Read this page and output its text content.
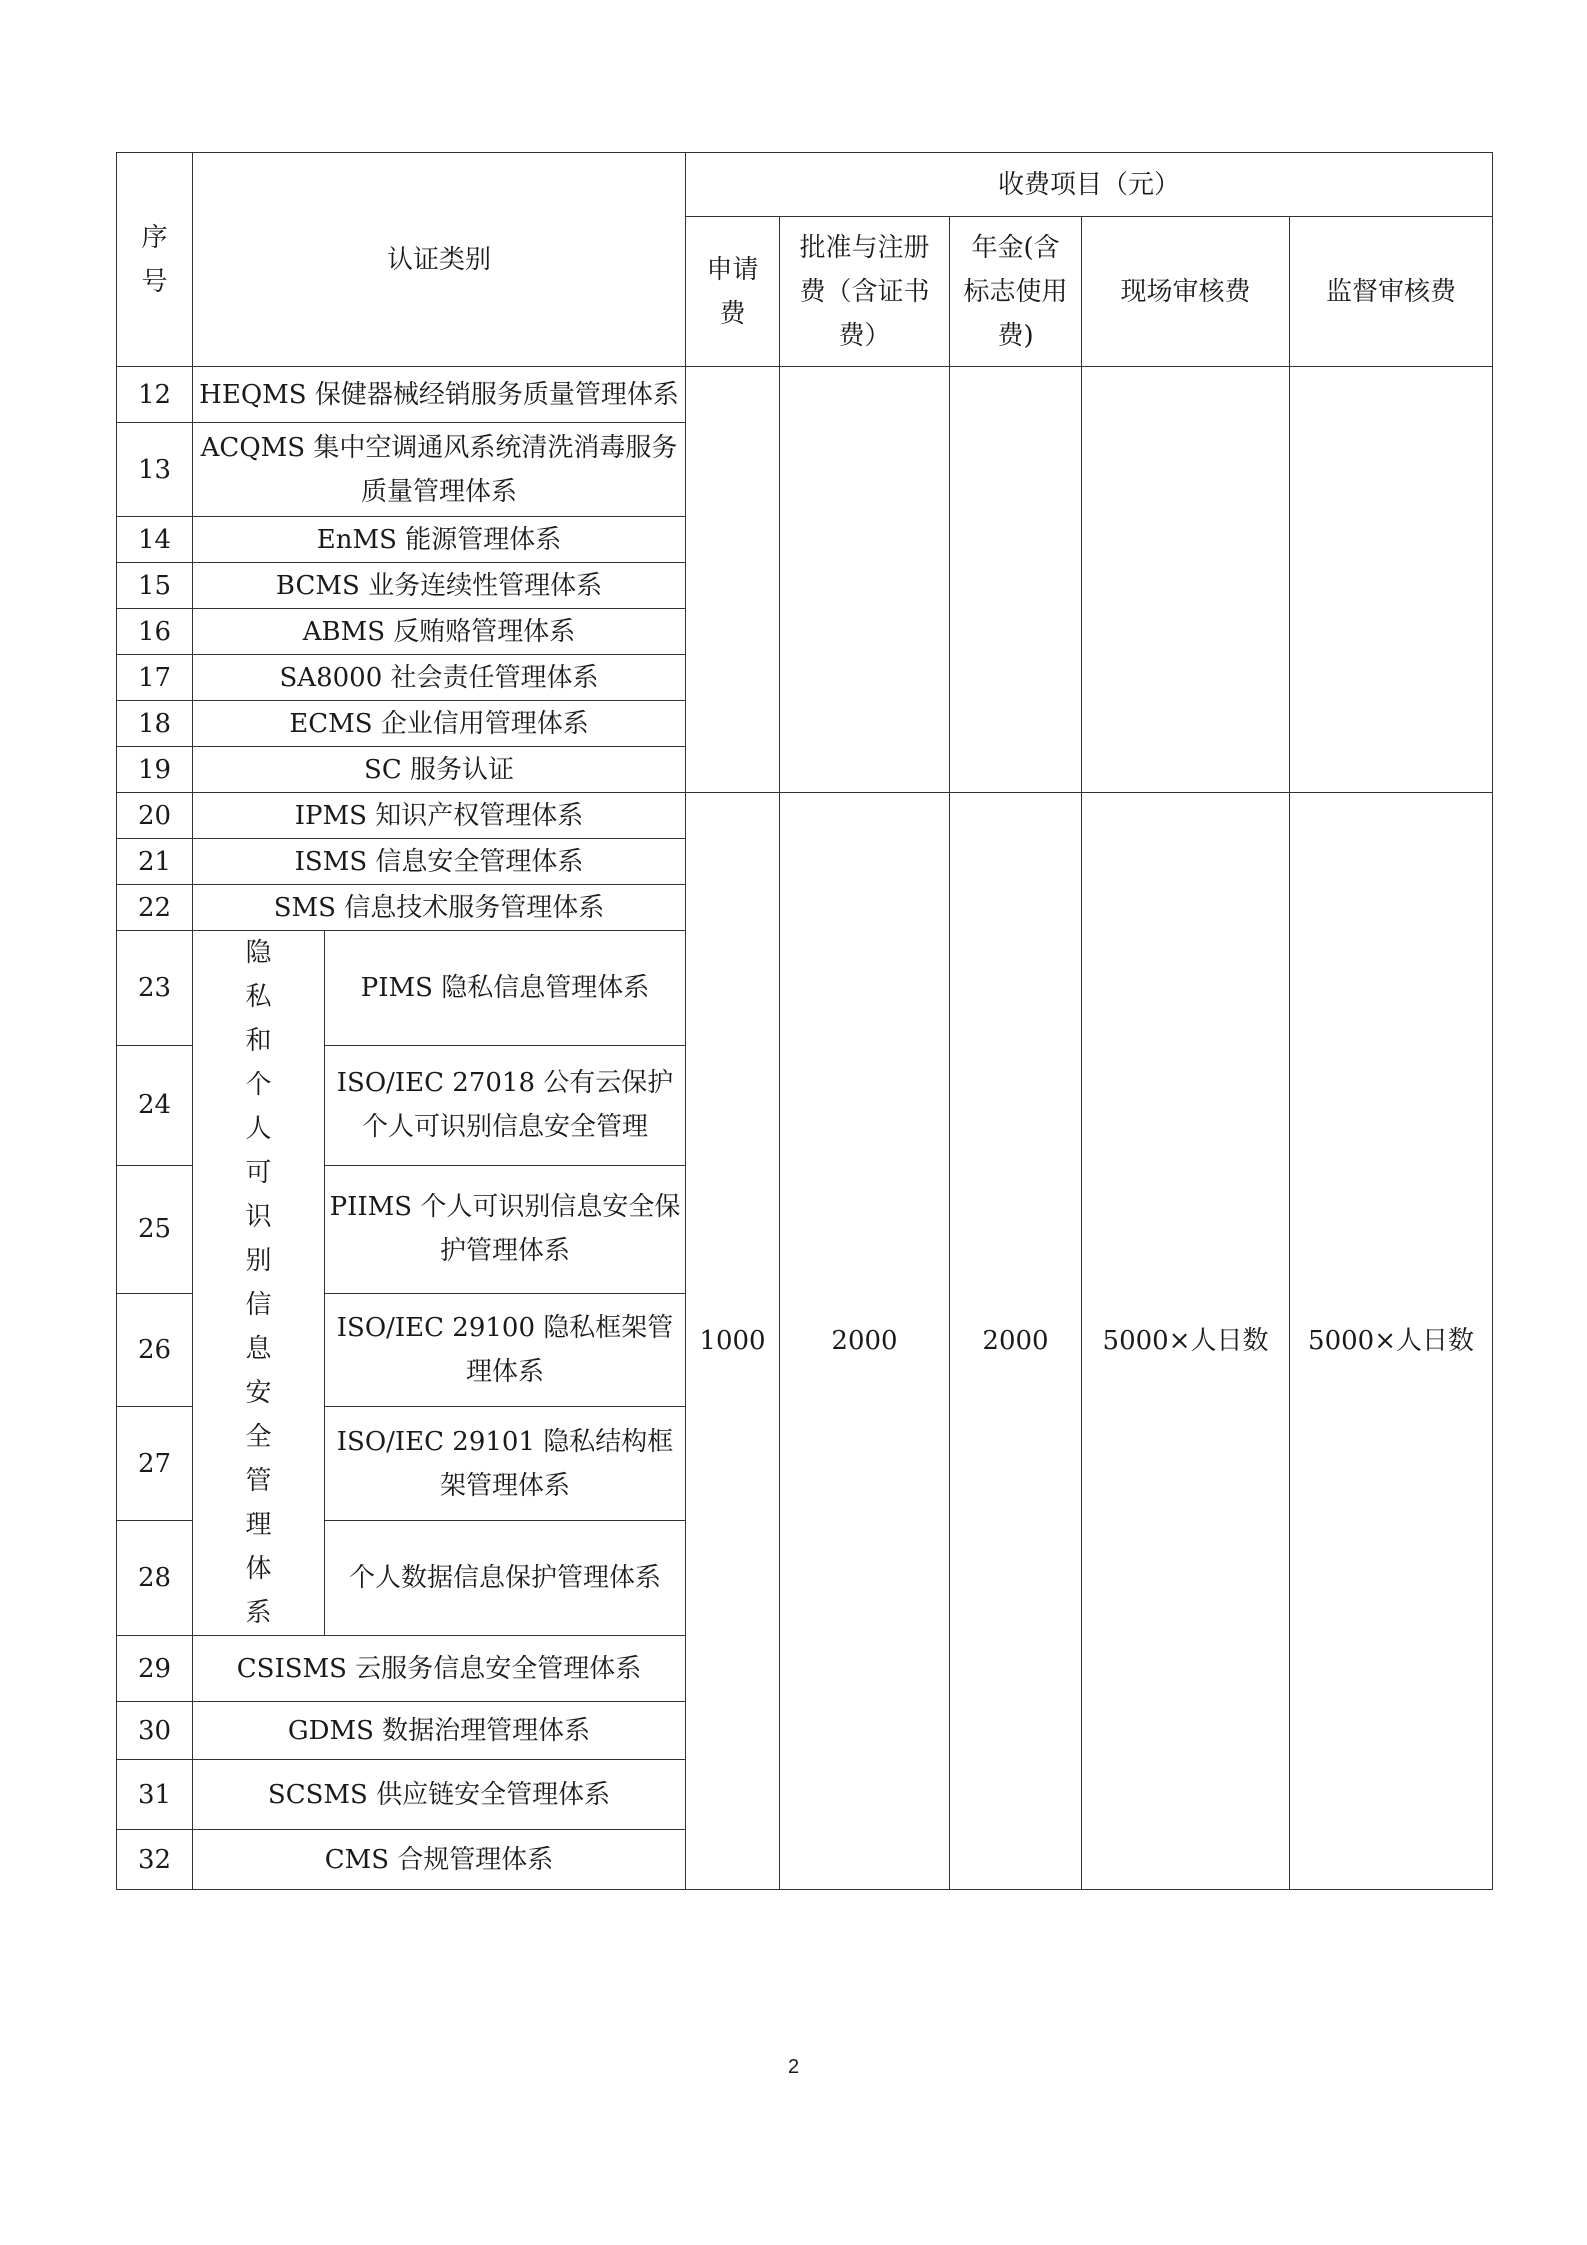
序号	认证类别		收费项目（元）				
			申请费	批准与注册费（含证书费）	年金(含标志使用费)	现场审核费	监督审核费
12	HEQMS 保健器械经销服务质量管理体系						

13	ACQMS 集中空调通风系统清洗消毒服务质量管理体系						
14	EnMS 能源管理体系						
15	BCMS 业务连续性管理体系						
16	ABMS 反贿赂管理体系						
17	SA8000 社会责任管理体系						
18	ECMS 企业信用管理体系						
19	SC 服务认证						
20	IPMS 知识产权管理体系		1000	2000	2000	5000×人日数	5000×人日数
21	ISMS 信息安全管理体系						
22	SMS 信息技术服务管理体系						
23	隐私和个人可识别信息安全管理体系	PIMS 隐私信息管理体系					
24		ISO/IEC 27018 公有云保护个人可识别信息安全管理					
25		PIIMS 个人可识别信息安全保护管理体系					
26		ISO/IEC 29100 隐私框架管理体系					
27		ISO/IEC 29101 隐私结构框架管理体系					
28		个人数据信息保护管理体系					
29	CSISMS 云服务信息安全管理体系						
30	GDMS 数据治理管理体系						
31	SCSMS 供应链安全管理体系						
32	CMS 合规管理体系						
2
